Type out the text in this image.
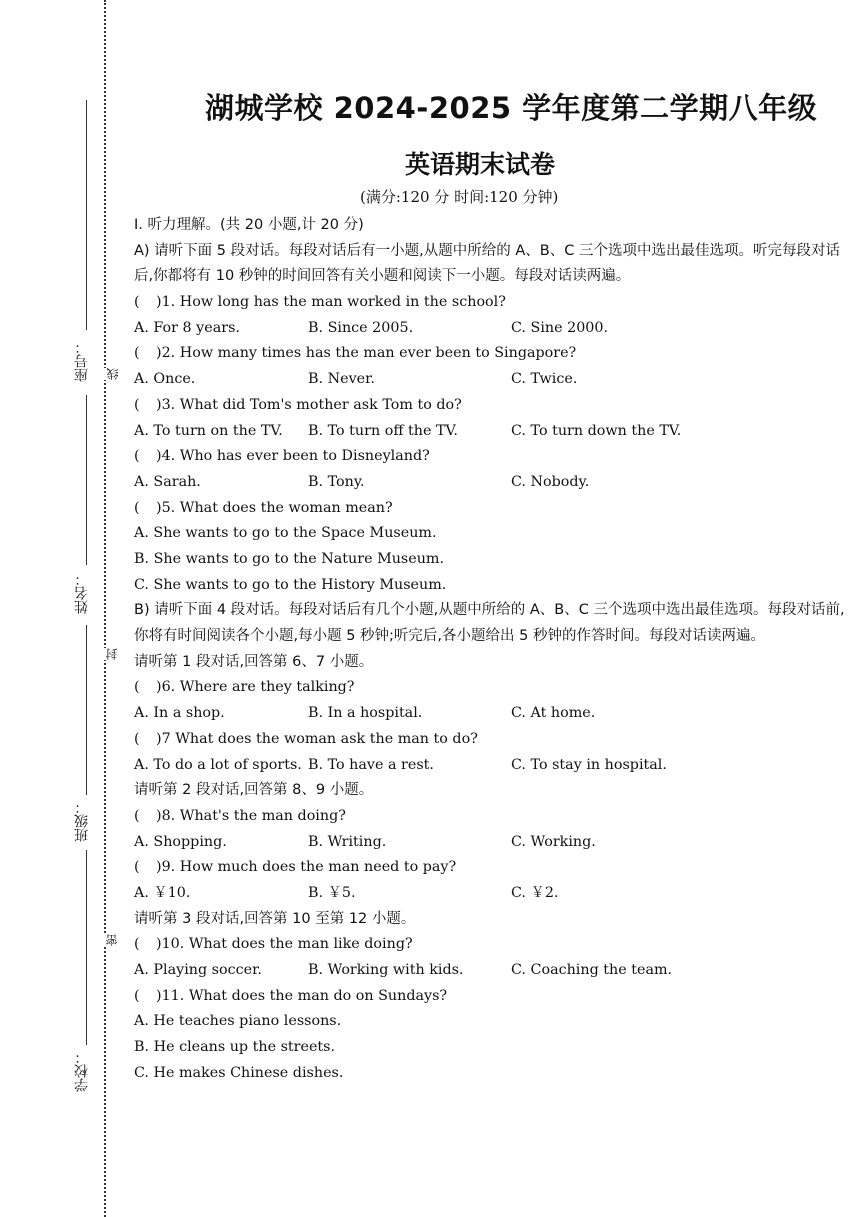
座号：
姓名：
班级：
学校：
线
封
密
湖城学校 2024-2025 学年度第二学期八年级
英语期末试卷
(满分:120 分 时间:120 分钟)
I. 听力理解。(共 20 小题,计 20 分)
A) 请听下面 5 段对话。每段对话后有一小题,从题中所给的 A、B、C 三个选项中选出最佳选项。听完每段对话后,你都将有 10 秒钟的时间回答有关小题和阅读下一小题。每段对话读两遍。
( )1. How long has the man worked in the school?
A. For 8 years.	B. Since 2005.	C. Sine 2000.
( )2. How many times has the man ever been to Singapore?
A. Once.	B. Never.	C. Twice.
( )3. What did Tom's mother ask Tom to do?
A. To turn on the TV.	B. To turn off the TV.	C. To turn down the TV.
( )4. Who has ever been to Disneyland?
A. Sarah.	B. Tony.	C. Nobody.
( )5. What does the woman mean?
A. She wants to go to the Space Museum.
B. She wants to go to the Nature Museum.
C. She wants to go to the History Museum.
B) 请听下面 4 段对话。每段对话后有几个小题,从题中所给的 A、B、C 三个选项中选出最佳选项。每段对话前,你将有时间阅读各个小题,每小题 5 秒钟;听完后,各小题给出 5 秒钟的作答时间。每段对话读两遍。
请听第 1 段对话,回答第 6、7 小题。
( )6. Where are they talking?
A. In a shop.	B. In a hospital.	C. At home.
( )7 What does the woman ask the man to do?
A. To do a lot of sports. B. To have a rest.	C. To stay in hospital.
请听第 2 段对话,回答第 8、9 小题。
( )8. What's the man doing?
A. Shopping.	B. Writing.	C. Working.
( )9. How much does the man need to pay?
A. ￥10.	B. ￥5.	C. ￥2.
请听第 3 段对话,回答第 10 至第 12 小题。
( )10. What does the man like doing?
A. Playing soccer.	B. Working with kids.	C. Coaching the team.
( )11. What does the man do on Sundays?
A. He teaches piano lessons.
B. He cleans up the streets.
C. He makes Chinese dishes.
